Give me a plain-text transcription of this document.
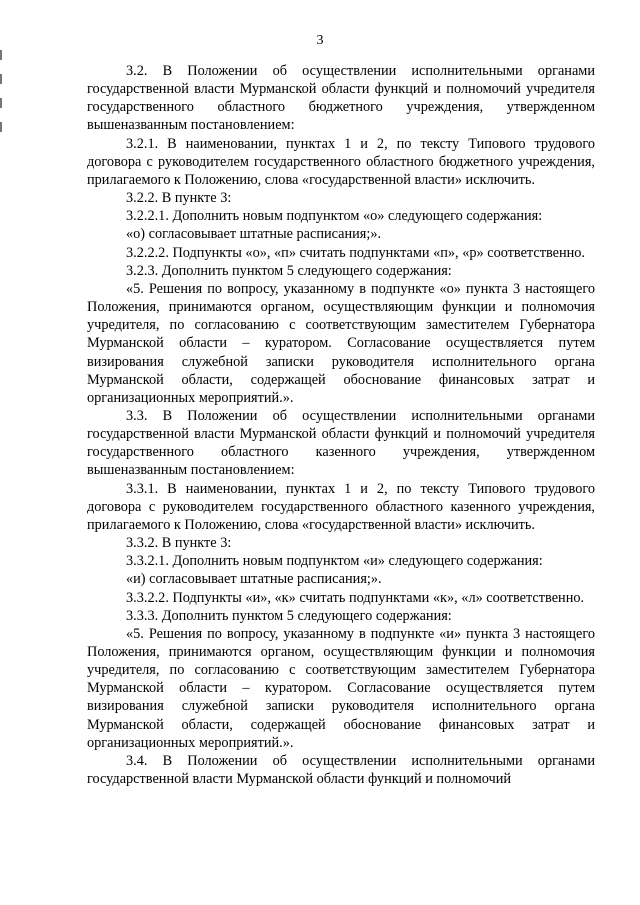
3

3.2. В Положении об осуществлении исполнительными органами государственной власти Мурманской области функций и полномочий учредителя государственного областного бюджетного учреждения, утвержденном вышеназванным постановлением:

3.2.1. В наименовании, пунктах 1 и 2, по тексту Типового трудового договора с руководителем государственного областного бюджетного учреждения, прилагаемого к Положению, слова «государственной власти» исключить.

3.2.2. В пункте 3:

3.2.2.1. Дополнить новым подпунктом «о» следующего содержания:

«о) согласовывает штатные расписания;».

3.2.2.2. Подпункты «о», «п» считать подпунктами «п», «р» соответственно.

3.2.3. Дополнить пунктом 5 следующего содержания:

«5. Решения по вопросу, указанному в подпункте «о» пункта 3 настоящего Положения, принимаются органом, осуществляющим функции и полномочия учредителя, по согласованию с соответствующим заместителем Губернатора Мурманской области – куратором. Согласование осуществляется путем визирования служебной записки руководителя исполнительного органа Мурманской области, содержащей обоснование финансовых затрат и организационных мероприятий.».

3.3. В Положении об осуществлении исполнительными органами государственной власти Мурманской области функций и полномочий учредителя государственного областного казенного учреждения, утвержденном вышеназванным постановлением:

3.3.1. В наименовании, пунктах 1 и 2, по тексту Типового трудового договора с руководителем государственного областного казенного учреждения, прилагаемого к Положению, слова «государственной власти» исключить.

3.3.2. В пункте 3:

3.3.2.1. Дополнить новым подпунктом «и» следующего содержания:

«и) согласовывает штатные расписания;».

3.3.2.2. Подпункты «и», «к» считать подпунктами «к», «л» соответственно.

3.3.3. Дополнить пунктом 5 следующего содержания:

«5. Решения по вопросу, указанному в подпункте «и» пункта 3 настоящего Положения, принимаются органом, осуществляющим функции и полномочия учредителя, по согласованию с соответствующим заместителем Губернатора Мурманской области – куратором. Согласование осуществляется путем визирования служебной записки руководителя исполнительного органа Мурманской области, содержащей обоснование финансовых затрат и организационных мероприятий.».

3.4. В Положении об осуществлении исполнительными органами государственной власти Мурманской области функций и полномочий
